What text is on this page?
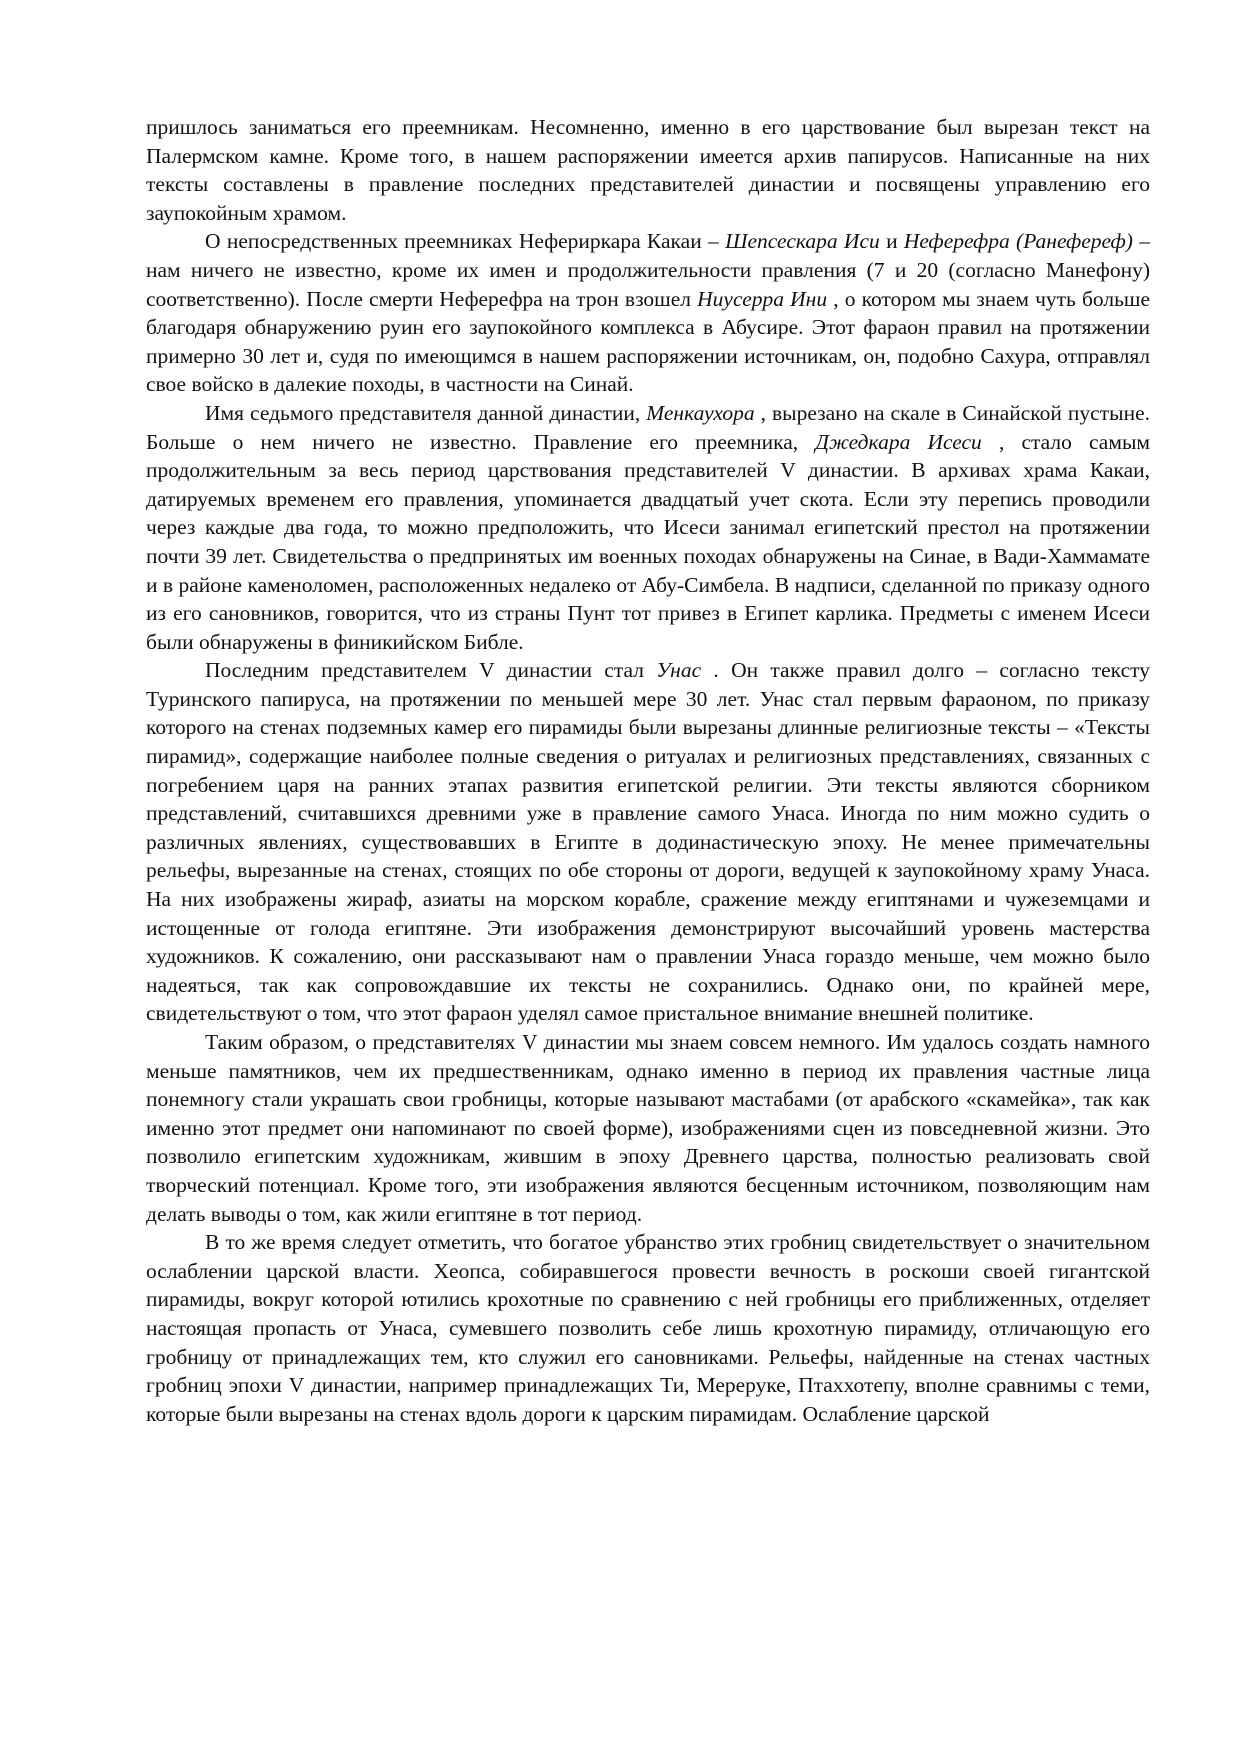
пришлось заниматься его преемникам. Несомненно, именно в его царствование был вырезан текст на Палермском камне. Кроме того, в нашем распоряжении имеется архив папирусов. Написанные на них тексты составлены в правление последних представителей династии и посвящены управлению его заупокойным храмом.

О непосредственных преемниках Нефериркара Какаи – Шепсескара Иси и Неферефра (Ранефереф) – нам ничего не известно, кроме их имен и продолжительности правления (7 и 20 (согласно Манефону) соответственно). После смерти Неферефра на трон взошел Ниусерра Ини , о котором мы знаем чуть больше благодаря обнаружению руин его заупокойного комплекса в Абусире. Этот фараон правил на протяжении примерно 30 лет и, судя по имеющимся в нашем распоряжении источникам, он, подобно Сахура, отправлял свое войско в далекие походы, в частности на Синай.

Имя седьмого представителя данной династии, Менкаухора , вырезано на скале в Синайской пустыне. Больше о нем ничего не известно. Правление его преемника, Джедкара Исеси , стало самым продолжительным за весь период царствования представителей V династии. В архивах храма Какаи, датируемых временем его правления, упоминается двадцатый учет скота. Если эту перепись проводили через каждые два года, то можно предположить, что Исеси занимал египетский престол на протяжении почти 39 лет. Свидетельства о предпринятых им военных походах обнаружены на Синае, в Вади-Хаммамате и в районе каменоломен, расположенных недалеко от Абу-Симбела. В надписи, сделанной по приказу одного из его сановников, говорится, что из страны Пунт тот привез в Египет карлика. Предметы с именем Исеси были обнаружены в финикийском Библе.

Последним представителем V династии стал Унас . Он также правил долго – согласно тексту Туринского папируса, на протяжении по меньшей мере 30 лет. Унас стал первым фараоном, по приказу которого на стенах подземных камер его пирамиды были вырезаны длинные религиозные тексты – «Тексты пирамид», содержащие наиболее полные сведения о ритуалах и религиозных представлениях, связанных с погребением царя на ранних этапах развития египетской религии. Эти тексты являются сборником представлений, считавшихся древними уже в правление самого Унаса. Иногда по ним можно судить о различных явлениях, существовавших в Египте в додинастическую эпоху. Не менее примечательны рельефы, вырезанные на стенах, стоящих по обе стороны от дороги, ведущей к заупокойному храму Унаса. На них изображены жираф, азиаты на морском корабле, сражение между египтянами и чужеземцами и истощенные от голода египтяне. Эти изображения демонстрируют высочайший уровень мастерства художников. К сожалению, они рассказывают нам о правлении Унаса гораздо меньше, чем можно было надеяться, так как сопровождавшие их тексты не сохранились. Однако они, по крайней мере, свидетельствуют о том, что этот фараон уделял самое пристальное внимание внешней политике.

Таким образом, о представителях V династии мы знаем совсем немного. Им удалось создать намного меньше памятников, чем их предшественникам, однако именно в период их правления частные лица понемногу стали украшать свои гробницы, которые называют мастабами (от арабского «скамейка», так как именно этот предмет они напоминают по своей форме), изображениями сцен из повседневной жизни. Это позволило египетским художникам, жившим в эпоху Древнего царства, полностью реализовать свой творческий потенциал. Кроме того, эти изображения являются бесценным источником, позволяющим нам делать выводы о том, как жили египтяне в тот период.

В то же время следует отметить, что богатое убранство этих гробниц свидетельствует о значительном ослаблении царской власти. Хеопса, собиравшегося провести вечность в роскоши своей гигантской пирамиды, вокруг которой ютились крохотные по сравнению с ней гробницы его приближенных, отделяет настоящая пропасть от Унаса, сумевшего позволить себе лишь крохотную пирамиду, отличающую его гробницу от принадлежащих тем, кто служил его сановниками. Рельефы, найденные на стенах частных гробниц эпохи V династии, например принадлежащих Ти, Мереруке, Птаххотепу, вполне сравнимы с теми, которые были вырезаны на стенах вдоль дороги к царским пирамидам. Ослабление царской
